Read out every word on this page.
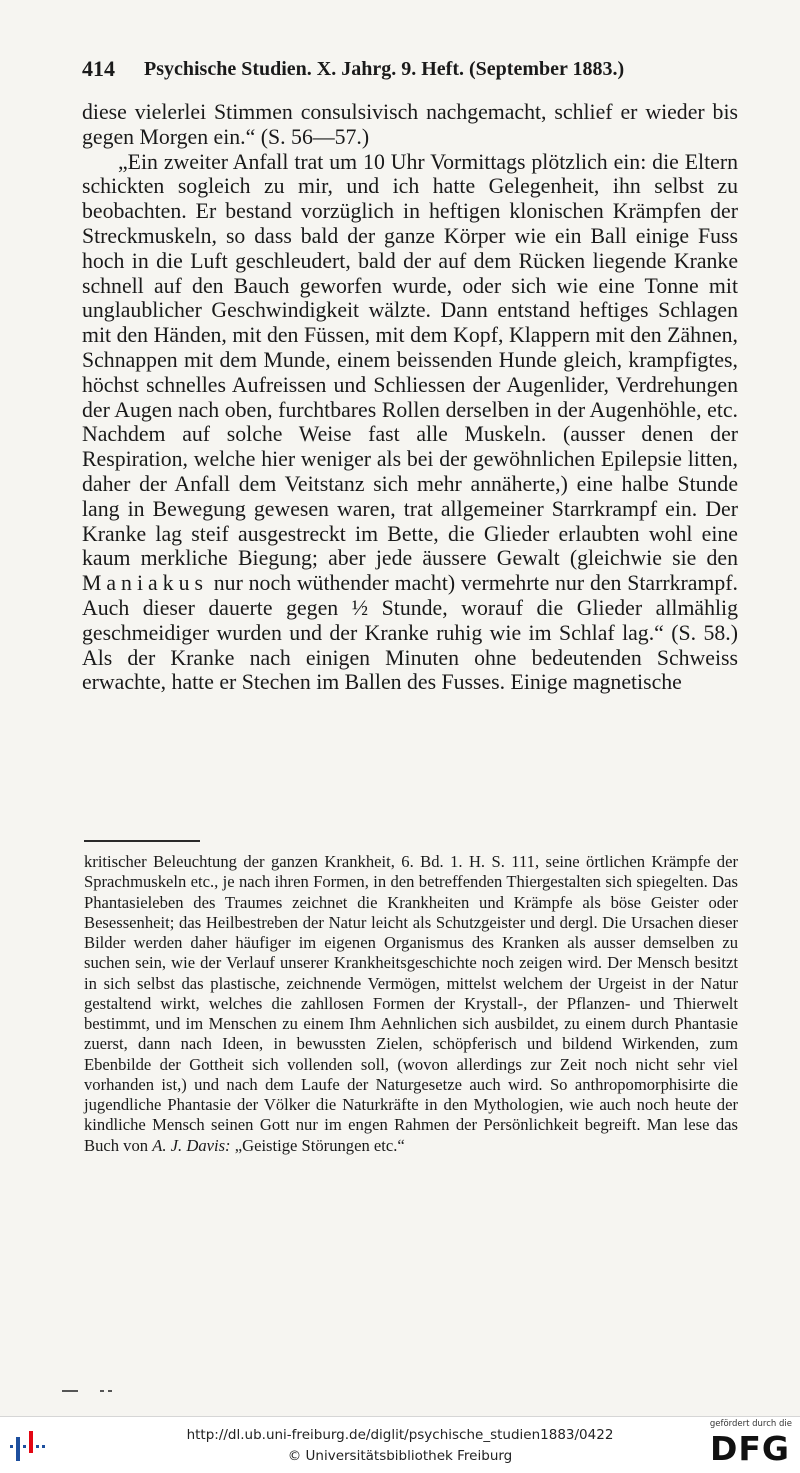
414 Psychische Studien. X. Jahrg. 9. Heft. (September 1883.)

diese vielerlei Stimmen consulsivisch nachgemacht, schlief er wieder bis gegen Morgen ein.“ (S. 56—57.)

„Ein zweiter Anfall trat um 10 Uhr Vormittags plötzlich ein: die Eltern schickten sogleich zu mir, und ich hatte Gelegenheit, ihn selbst zu beobachten. Er bestand vorzüglich in heftigen klonischen Krämpfen der Streckmuskeln, so dass bald der ganze Körper wie ein Ball einige Fuss hoch in die Luft geschleudert, bald der auf dem Rücken liegende Kranke schnell auf den Bauch geworfen wurde, oder sich wie eine Tonne mit unglaublicher Geschwindigkeit wälzte. Dann entstand heftiges Schlagen mit den Händen, mit den Füssen, mit dem Kopf, Klappern mit den Zähnen, Schnappen mit dem Munde, einem beissenden Hunde gleich, krampfigtes, höchst schnelles Aufreissen und Schliessen der Augenlider, Verdrehungen der Augen nach oben, furchtbares Rollen derselben in der Augenhöhle, etc. Nachdem auf solche Weise fast alle Muskeln. (ausser denen der Respiration, welche hier weniger als bei der gewöhnlichen Epilepsie litten, daher der Anfall dem Veitstanz sich mehr annäherte,) eine halbe Stunde lang in Bewegung gewesen waren, trat allgemeiner Starrkrampf ein. Der Kranke lag steif ausgestreckt im Bette, die Glieder erlaubten wohl eine kaum merkliche Biegung; aber jede äussere Gewalt (gleichwie sie den Maniakus nur noch wüthender macht) vermehrte nur den Starrkrampf. Auch dieser dauerte gegen ½ Stunde, worauf die Glieder allmählig geschmeidiger wurden und der Kranke ruhig wie im Schlaf lag.“ (S. 58.) Als der Kranke nach einigen Minuten ohne bedeutenden Schweiss erwachte, hatte er Stechen im Ballen des Fusses. Einige magnetische

kritischer Beleuchtung der ganzen Krankheit, 6. Bd. 1. H. S. 111, seine örtlichen Krämpfe der Sprachmuskeln etc., je nach ihren Formen, in den betreffenden Thiergestalten sich spiegelten. Das Phantasieleben des Traumes zeichnet die Krankheiten und Krämpfe als böse Geister oder Besessenheit; das Heilbestreben der Natur leicht als Schutzgeister und dergl. Die Ursachen dieser Bilder werden daher häufiger im eigenen Organismus des Kranken als ausser demselben zu suchen sein, wie der Verlauf unserer Krankheitsgeschichte noch zeigen wird. Der Mensch besitzt in sich selbst das plastische, zeichnende Vermögen, mittelst welchem der Urgeist in der Natur gestaltend wirkt, welches die zahllosen Formen der Krystall-, der Pflanzen- und Thierwelt bestimmt, und im Menschen zu einem Ihm Aehnlichen sich ausbildet, zu einem durch Phantasie zuerst, dann nach Ideen, in bewussten Zielen, schöpferisch und bildend Wirkenden, zum Ebenbilde der Gottheit sich vollenden soll, (wovon allerdings zur Zeit noch nicht sehr viel vorhanden ist,) und nach dem Laufe der Naturgesetze auch wird. So anthropomorphisirte die jugendliche Phantasie der Völker die Naturkräfte in den Mythologien, wie auch noch heute der kindliche Mensch seinen Gott nur im engen Rahmen der Persönlichkeit begreift. Man lese das Buch von A. J. Davis: „Geistige Störungen etc.“

http://dl.ub.uni-freiburg.de/diglit/psychische_studien1883/0422
© Universitätsbibliothek Freiburg
gefördert durch die
DFG
